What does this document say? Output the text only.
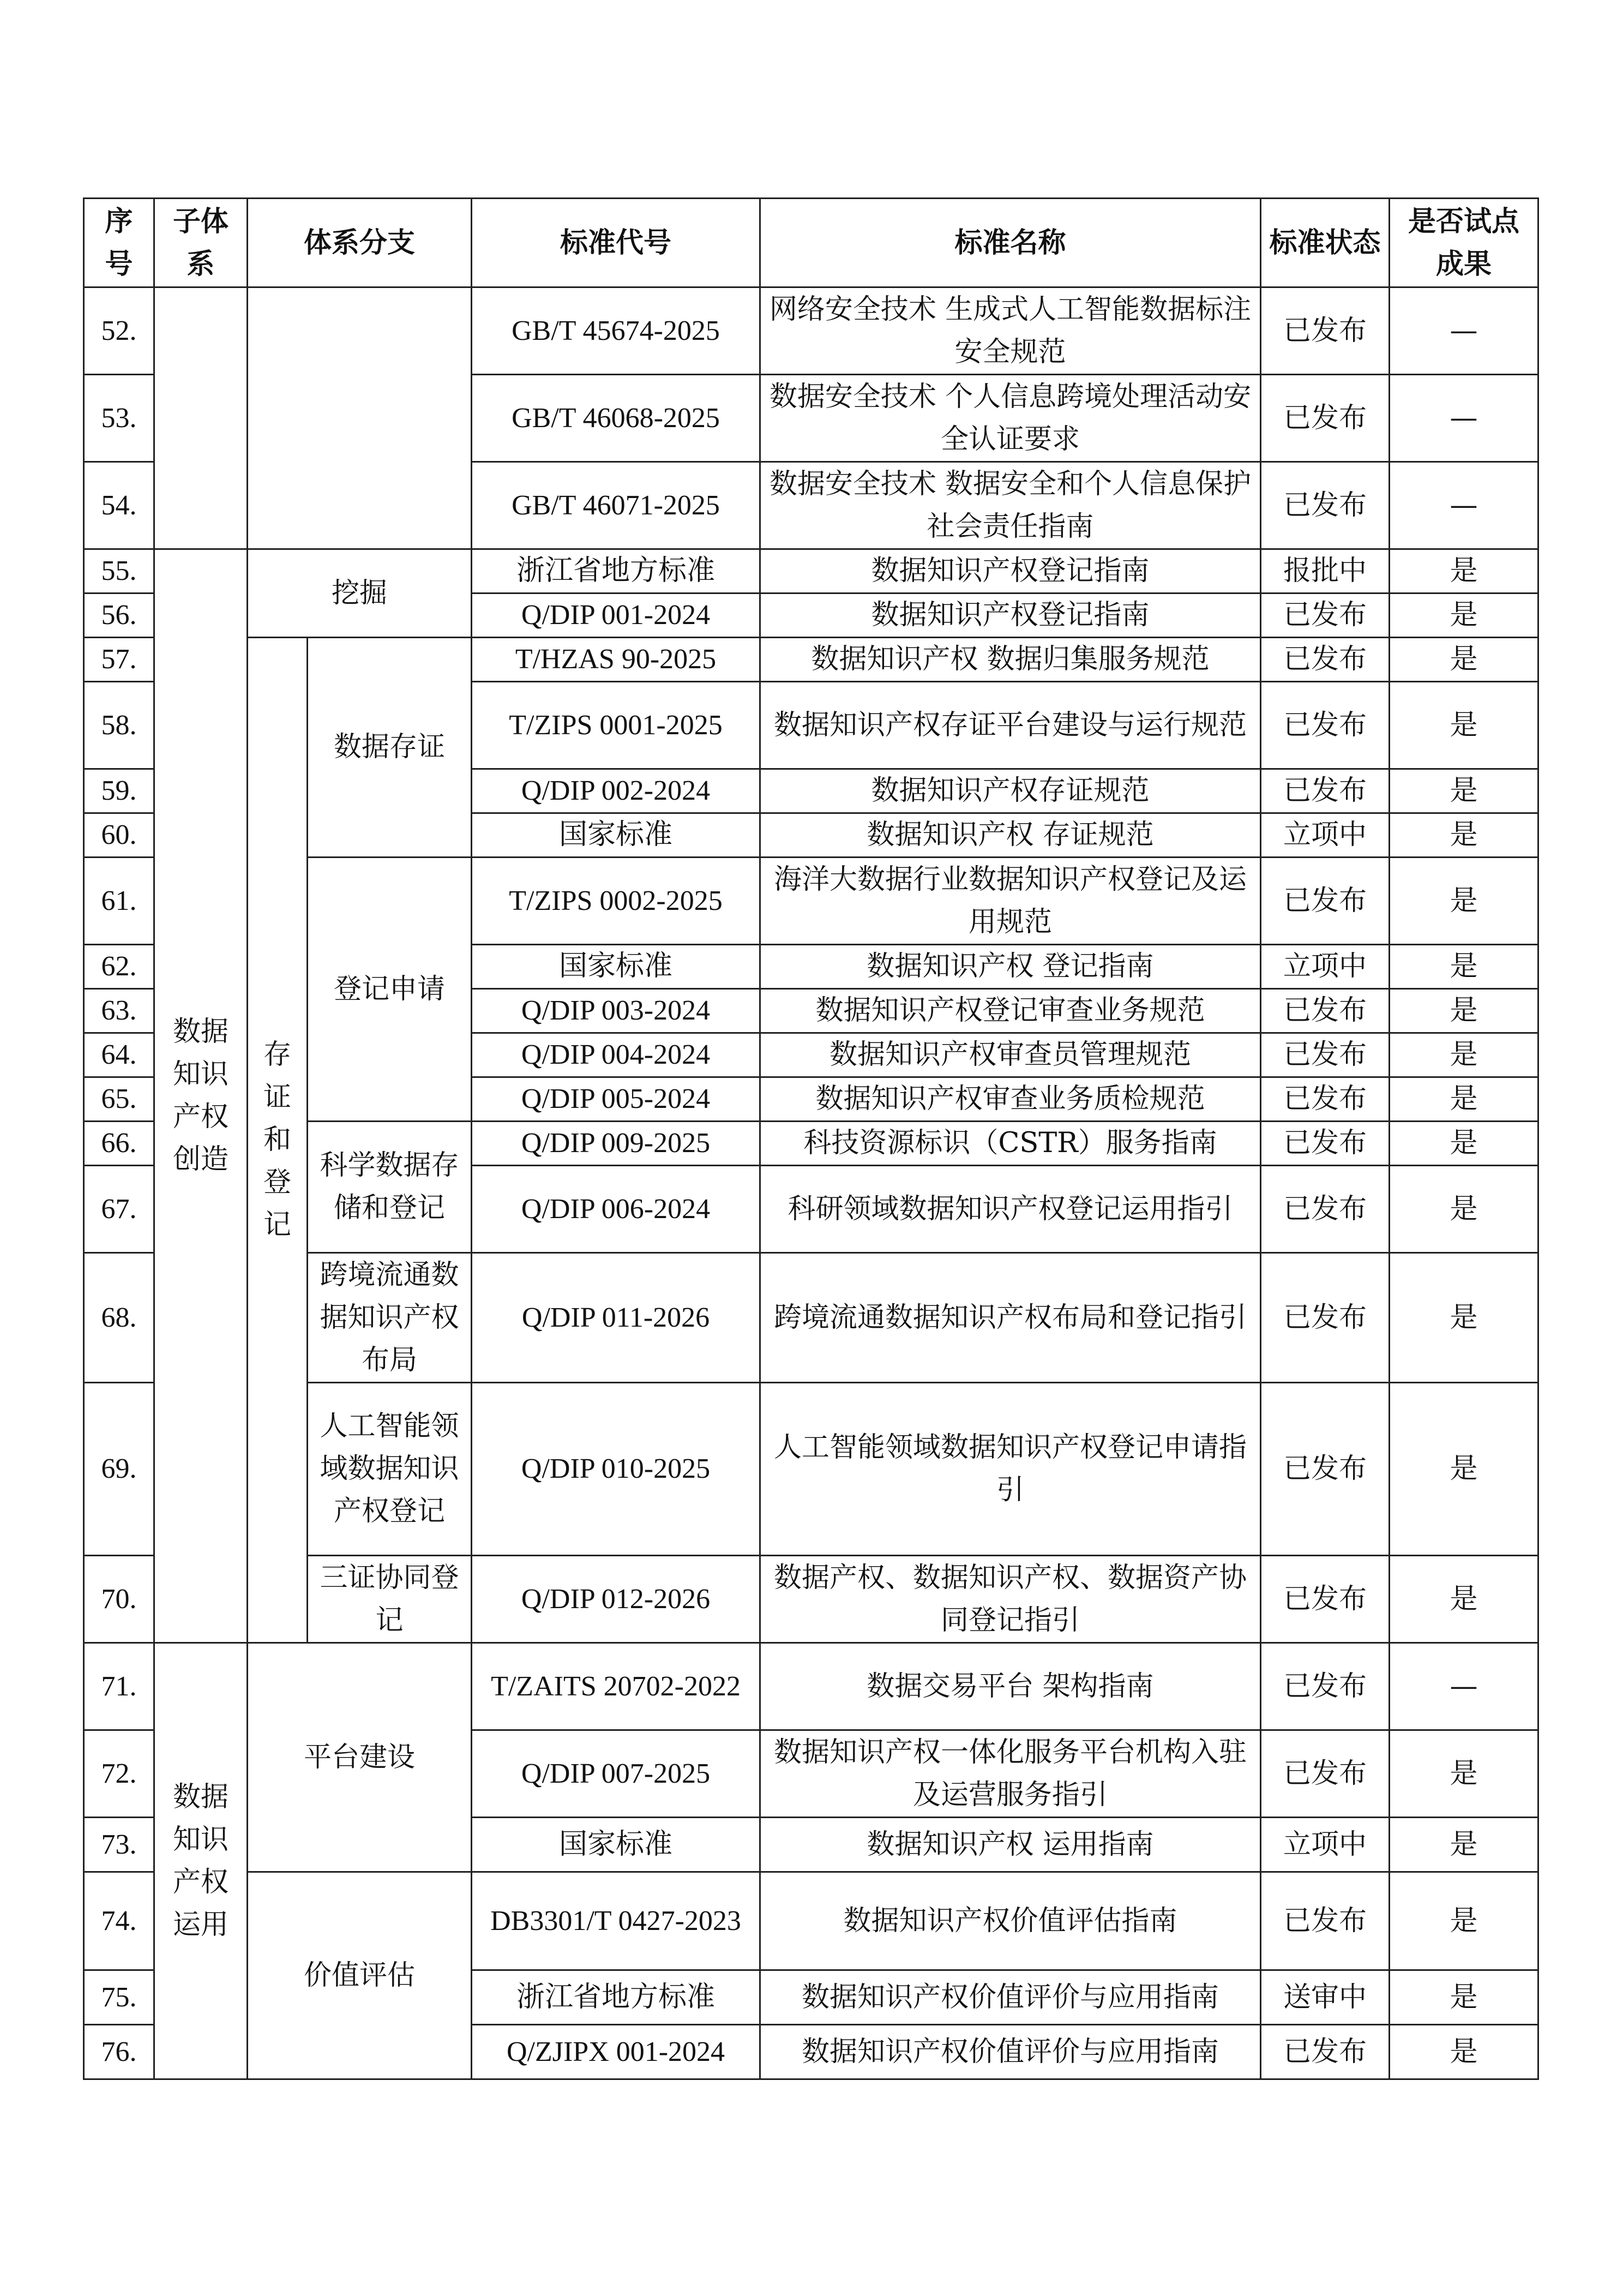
序号	子体系	体系分支		标准代号	标准名称	标准状态	是否试点成果
52.				GB/T 45674-2025	网络安全技术 生成式人工智能数据标注安全规范	已发布	—
53.				GB/T 46068-2025	数据安全技术 个人信息跨境处理活动安全认证要求	已发布	—
54.				GB/T 46071-2025	数据安全技术 数据安全和个人信息保护社会责任指南	已发布	—
55.	数据知识产权创造	挖掘		浙江省地方标准	数据知识产权登记指南	报批中	是
56.				Q/DIP 001-2024	数据知识产权登记指南	已发布	是
57.		存证和登记	数据存证	T/HZAS 90-2025	数据知识产权 数据归集服务规范	已发布	是
58.				T/ZIPS 0001-2025	数据知识产权存证平台建设与运行规范	已发布	是
59.				Q/DIP 002-2024	数据知识产权存证规范	已发布	是
60.				国家标准	数据知识产权 存证规范	立项中	是
61.			登记申请	T/ZIPS 0002-2025	海洋大数据行业数据知识产权登记及运用规范	已发布	是
62.				国家标准	数据知识产权 登记指南	立项中	是
63.				Q/DIP 003-2024	数据知识产权登记审查业务规范	已发布	是
64.				Q/DIP 004-2024	数据知识产权审查员管理规范	已发布	是
65.				Q/DIP 005-2024	数据知识产权审查业务质检规范	已发布	是
66.			科学数据存储和登记	Q/DIP 009-2025	科技资源标识（CSTR）服务指南	已发布	是
67.				Q/DIP 006-2024	科研领域数据知识产权登记运用指引	已发布	是
68.			跨境流通数据知识产权布局	Q/DIP 011-2026	跨境流通数据知识产权布局和登记指引	已发布	是
69.			人工智能领域数据知识产权登记	Q/DIP 010-2025	人工智能领域数据知识产权登记申请指引	已发布	是
70.			三证协同登记	Q/DIP 012-2026	数据产权、数据知识产权、数据资产协同登记指引	已发布	是
71.	数据知识产权运用	平台建设		T/ZAITS 20702-2022	数据交易平台 架构指南	已发布	—
72.				Q/DIP 007-2025	数据知识产权一体化服务平台机构入驻及运营服务指引	已发布	是
73.				国家标准	数据知识产权 运用指南	立项中	是
74.		价值评估		DB3301/T 0427-2023	数据知识产权价值评估指南	已发布	是
75.				浙江省地方标准	数据知识产权价值评价与应用指南	送审中	是
76.				Q/ZJIPX 001-2024	数据知识产权价值评价与应用指南	已发布	是
